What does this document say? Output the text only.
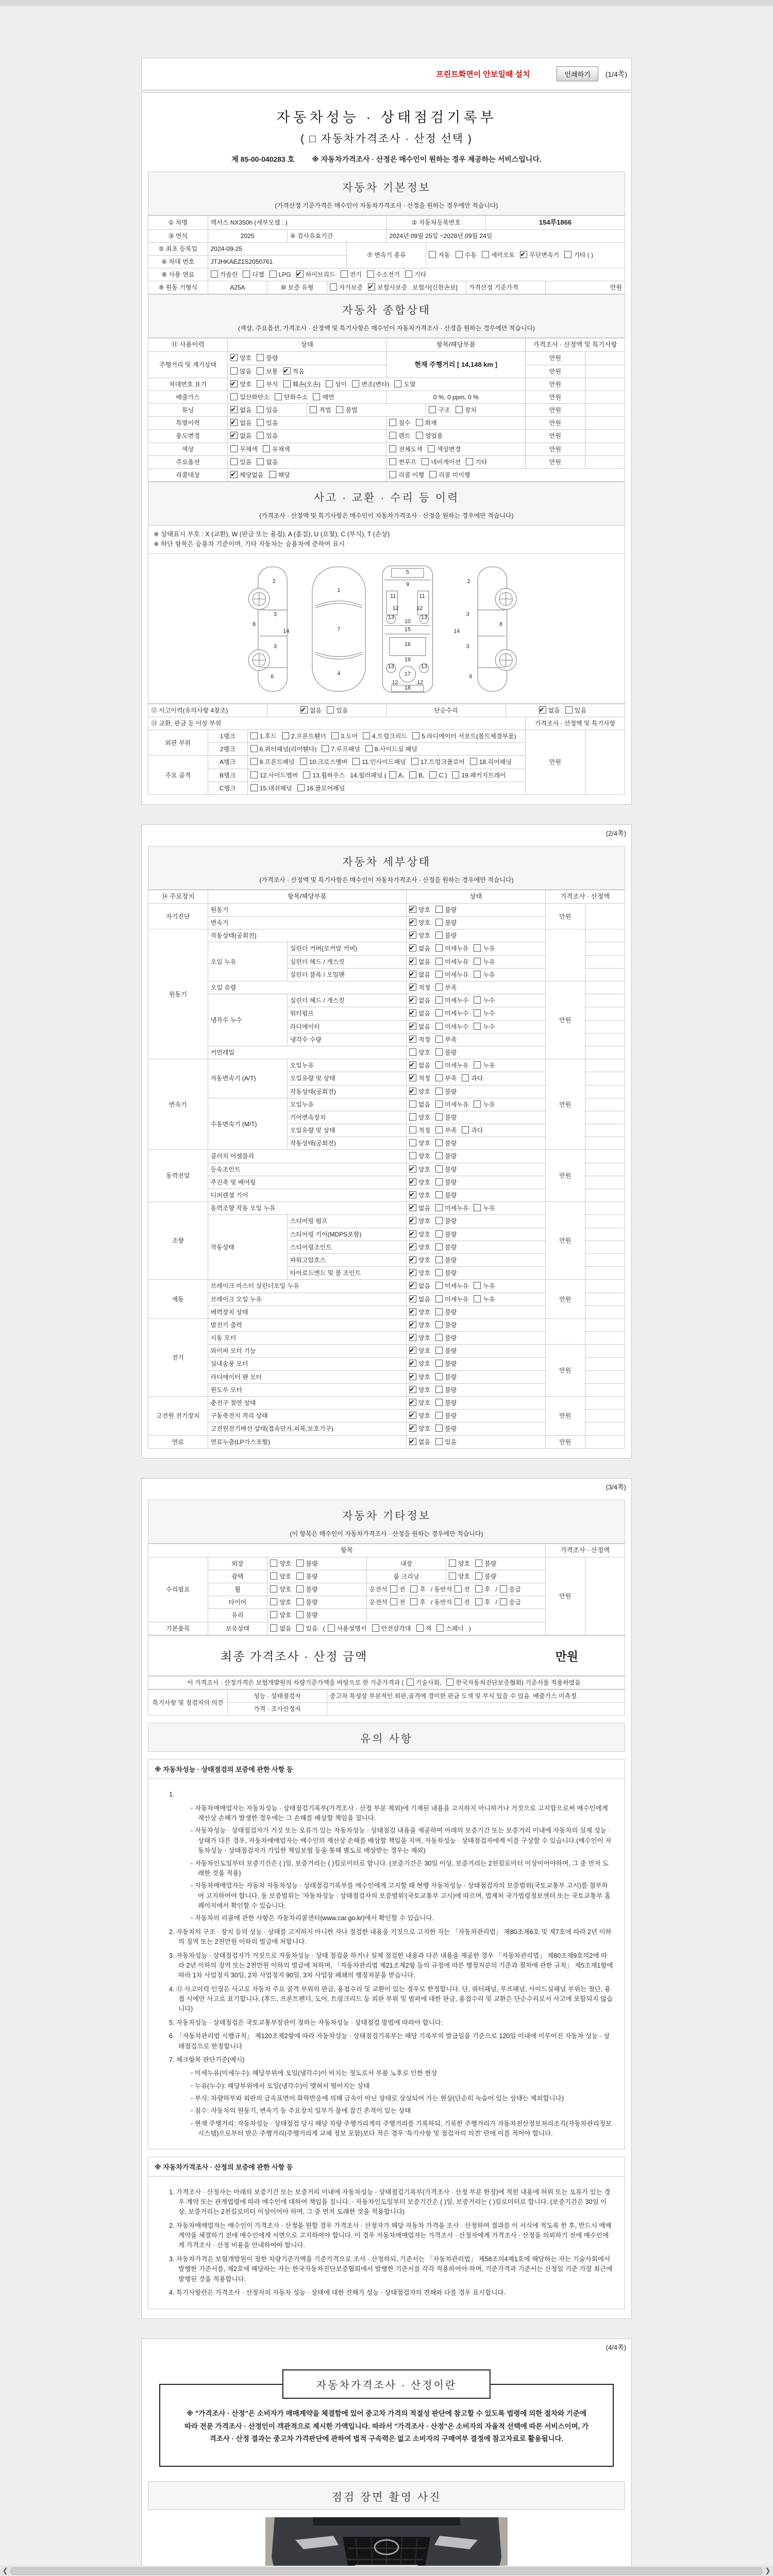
프린트화면이 안보일때 설치	인쇄하기	(1/4쪽)
자동차성능 · 상태점검기록부
( □ 자동차가격조사 · 산정 선택 )
제 85-00-040283 호 ※ 자동차가격조사 · 산정은 매수인이 원하는 경우 제공하는 서비스입니다.
자동차 기본정보
(가격산정 기준가격은 매수인이 자동차가격조사 · 산정을 원하는 경우에만 적습니다)
① 차명	렉서스 NX350h (세부모델 : )					② 자동차등록번호			154루1866	
③ 연식	2025		④ 검사유효기간			2024년 09월 25일 ~2028년 09월 24일				
⑤ 최초 등록일	2024-09-25				⑦ 변속기 종류		자동 수동 세미오토 ✔ 무단변속기 기타 ( )
⑥ 차대 번호	JTJHKAEZ1S2050761									
⑧ 사용 연료	가솔린 디젤 LPG ✔ 하이브리드 전기 수소전기 기타
⑨ 원동 기형식	A25A	⑩ 보증 유형		자가보증 ✔ 보험사보증 보험사[신한손보]				가격산정 기준가격		만원
자동차 종합상태
(색상, 주요옵션, 가격조사 · 산정액 및 특기사항은 매수인이 자동차가격조사 · 산정을 원하는 경우에만 적습니다)
⑪ 사용이력	상태		항목/해당부품		가격조사 · 산정액 및 특기사항	
주행거리 및 계기상태	✔양호 불량		현재 주행거리 [ 14,148 km ]		만원	
	많음 보통 ✔ 적음				만원	
차대번호 표기	✔양호 부식 훼손(오손) 상이 변조(변타) 도말				만원	
배출가스	일산화탄소 탄화수소 매연		0 %, 0 ppm, 0 %		만원	
튜닝	✔없음 있음	적법 불법		구조 장치	만원	
특별이력	✔없음 있음		침수 화재		만원	
용도변경	✔없음 있음		렌트 영업용		만원	
색상	무채색 유채색		전체도색 색상변경		만원	
주요옵션	있음 없음		썬루프 네비게이션 기타		만원	
리콜대상	✔해당없음 해당		리콜 이행 리콜 미이행			
사고 · 교환 · 수리 등 이력
(가격조사 · 산정액 및 특기사항은 매수인이 자동차가격조사 · 산정을 원하는 경우에만 적습니다)
※ 상태표시 부호 : X (교환), W (판금 또는 용접), A (흠집), U (요철), C (부식), T (손상)
※ 하단 항목은 승용차 기준이며, 기타 자동차는 승용차에 준하여 표시
2
8
3
14
3
6
1
7
4
5
9
11	11
12	12
13	13
10
15
16
19
13	13
17
12	12
18
2
8
3
14
3
6
⑫ 사고이력(유의사항 4참조)	✔없음 있음	단순수리	✔없음 있음
⑬ 교환, 판금 등 이상 부위						가격조사 · 산정액 및 특기사항	
외판 부위	1랭크	1.후드 2.프론트휀더 3.도어 4.트렁크리드 5.라디에이터 서포트(볼트체결부품)				만원	
	2랭크	6.쿼터패널(리어휀다) 7.루프패널 8.사이드실 패널					
주요 골격	A랭크	9.프론트패널 10.크로스멤버 11.인사이드패널 17.트렁크플로어 18.리어패널					
	B랭크	12.사이드멤버 13.휠하우스 14.필러패널 ( A, B, C ) 19.패키지트레이					
	C랭크	15.대쉬패널 16.플로어패널					
(2/4쪽)
자동차 세부상태
(가격조사 · 산정액 및 특기사항은 매수인이 자동차가격조사 · 산정을 원하는 경우에만 적습니다)
⑭ 주요장치	항목/해당부품		상태	가격조사 · 산정액	
자기진단	원동기	✔양호 불량	만원	
	변속기	✔양호 불량
원동기	작동상태(공회전)	✔양호 불량		
	오일 누유	실린더 커버(로커암 커버)	✔없음 미세누유 누유	
		실린더 헤드 / 개스킷	✔없음 미세누유 누유	
		실린더 블록 / 오일팬	✔없음 미세누유 누유	
	오일 유량	✔적정 부족	만원	
	냉각수 누수	실린더 헤드 / 개스킷	✔없음 미세누수 누수	
		워터펌프	✔없음 미세누수 누수	
		라디에이터	✔없음 미세누수 누수	
		냉각수 수량	✔적정 부족	
	커먼레일		양호 불량		
변속기	자동변속기 (A/T)	오일누유	✔없음 미세누유 누유	만원	
		오일유량 및 상태	✔적정 부족 과다	
		작동상태(공회전)	✔양호 불량	
	수동변속기 (M/T)	오일누유	없음 미세누유 누유		
		기어변속장치	양호 불량		
		오일유량 및 상태	적정 부족 과다		
		작동상태(공회전)	양호 불량		
동력전달	클러치 어셈블리		양호 불량	만원	
	등속조인트	✔양호 불량	
	추진축 및 베어링	✔양호 불량	
	디퍼렌셜 기어	✔양호 불량	
조향	동력조향 작동 오일 누유	✔없음 미세누유 누유	만원	
	작동상태	스티어링 펌프	✔양호 불량	
		스티어링 기어(MDPS포함)	✔양호 불량	
		스티어링조인트	✔양호 불량	
		파워고압호스	✔양호 불량	
		타이로드엔드 및 볼 조인트	✔양호 불량	
제동	브레이크 마스터 실린더오일 누유	✔없음 미세누유 누유	만원	
	브레이크 오일 누유	✔없음 미세누유 누유	
	배력장치 상태	✔양호 불량	
전기	발전기 출력	✔양호 불량		
	시동 모터	✔양호 불량	
	와이퍼 모터 기능	✔양호 불량	만원	
	실내송풍 모터	✔양호 불량	
	라디에이터 팬 모터	✔양호 불량	
	윈도우 모터	✔양호 불량	
고전원 전기장치	충전구 절연 상태	✔양호 불량	만원	
	구동축전지 격리 상태	✔양호 불량	
	고전원전기배선 상태(접속단자,피복,보호기구)	✔양호 불량	
연료	연료누출(LP가스포함)	✔없음 있음	만원	
(3/4쪽)
자동차 기타정보
(이 항목은 매수인이 자동차가격조사 · 산정을 원하는 경우에만 적습니다)
항목					가격조사 · 산정액	
수리필요	외장	양호 불량	내장	양호 불량	만원	
	광택	양호 불량	룸 크리닝	양호 불량		
	휠	양호 불량	운전석 전 후 / 동반석 전 후 / 응급			
	타이어	양호 불량	운전석 전 후 / 동반석 전 후 / 응급			
	유리	양호 불량				
기본품목	보유상태	없음 있음 ( 사용설명서 안전삼각대 잭 스패너 )				
최종 가격조사 · 산정 금액	만원
이 가격조사 · 산정가격은 보험개발원의 차량기준가액을 바탕으로 한 기준가격과 ( 기술사회, 한국자동차진단보증협회) 기준서를 적용하였음
특기사항 및 점검자의 의견	성능 · 상태점검자	중고차 특성상 부분적인 외판,골격에 경미한 판금 도색 및 부식 있을 수 있음. 배출가스 미측정.
	가격 · 조사산정자	
유의 사항
※ 자동차성능 · 상태점검의 보증에 관한 사항 등
1.
◦ 자동차매매업자는 자동차성능 · 상태점검기록부(가격조사 · 산정 부분 제외)에 기재된 내용을 고지하지 아니하거나 거짓으로 고지함으로써 매수인에게 재산상 손해가 발생한 경우에는 그 손해를 배상할 책임을 집니다.
◦ 자동차성능 · 상태점검자가 거짓 또는 오류가 있는 자동차성능 · 상태점검 내용을 제공하여 아래의 보증기간 또는 보증거리 이내에 자동차의 실제 성능 · 상태가 다른 경우, 자동차매매업자는 매수인의 재산상 손해를 배상할 책임을 지며, 자동차성능 · 상태점검자에게 이를 구상할 수 있습니다.(매수인이 자동차성능 · 상태점검자가 가입한 책임보험 등을 통해 별도로 배상받는 경우는 제외)
◦ 자동차인도일부터 보증기간은 ( )일, 보증거리는 ( )킬로미터로 합니다. (보증기간은 30일 이상, 보증거리는 2천킬로미터 이상이어야하며, 그 중 먼저 도래한 것을 적용)
◦ 자동차매매업자는 자동차 자동차성능 · 상태점검기록부를 매수인에게 고지할 때 현행 자동차성능 · 상태점검자의 보증범위(국토교통부 고시)를 첨부하여 고지하여야 합니다. 동 보증범위는 '자동차성능 · 상태점검자의 보증범위'(국토교통부 고시)에 따르며, 법제처 국가법령정보센터 또는 국토교통부 홈페이지에서 확인할 수 있습니다.
◦ 자동차의 리콜에 관한 사항은 자동차리콜센터(www.car.go.kr)에서 확인할 수 있습니다.
2. 자동차의 구조 · 장치 등의 성능 · 상태를 고지하지 아니한 자나 점검한 내용을 거짓으로 고지한 자는 「자동차관리법」 제80조제6호 및 제7호에 따라 2년 이하의 징역 또는 2천만원 이하의 벌금에 처합니다.
3. 자동차성능 · 상태점검자가 거짓으로 자동차성능 · 상태 점검을 하거나 실제 점검한 내용과 다른 내용을 제공한 경우 「자동차관리법」 제80조제9호의2에 따라 2년 이하의 징역 또는 2천만원 이하의 벌금에 처하며, 「자동차관리법 제21조제2항 등의 규정에 따른 행정처분의 기준과 절차에 관한 규칙」 제5조제1항에 따라 1차 사업정지 30일, 2차 사업정지 90일, 3차 사업장 폐쇄의 행정처분을 받습니다.
4. ⑫ 사고이력 인정은 사고로 자동차 주요 골격 부위의 판금, 용접수리 및 교환이 있는 경우로 한정합니다. 단, 쿼터패널, 루프패널, 사이드실패널 부위는 절단, 용접 시에만 사고로 표기합니다. (후드, 프론트펜더, 도어, 트렁크리드 등 외판 부위 및 범퍼에 대한 판금, 용접수리 및 교환은 단순수리로서 사고에 포함되지 않습니다)
5. 자동차성능 · 상태점검은 국토교통부장관이 정하는 자동차성능 · 상태점검 방법에 따라야 합니다.
6. 「자동차관리법 시행규칙」 제120조제2항에 따라 자동차성능 · 상태점검기록부는 해당 기록부의 발급일을 기준으로 120일 이내에 이루어진 자동차 성능 · 상태점검으로 한정합니다
7. 체크항목 판단기준(예시)
◦ 미세누유(미세누수): 해당부위에 오일(냉각수)이 비치는 정도로서 부품 노후로 인한 현상
◦ 누유(누수): 해당부위에서 오일(냉각수)이 맺혀서 떨어지는 상태
◦ 부식: 차량하부와 외판의 금속표면이 화학반응에 의해 금속이 아닌 상태로 상실되어 가는 현상(단순히 녹슬어 있는 상태는 제외합니다)
◦ 침수: 자동차의 원동기, 변속기 등 주요장치 일부가 물에 잠긴 흔적이 있는 상태
◦ 현재 주행거리: 자동차성능 · 상태점검 당시 해당 차량 주행거리계의 주행거리를 기록하되, 기록한 주행거리가 자동차전산정보처리조직(자동차관리정보시스템)으로부터 받은 주행거리(주행거리계 교체 정보 포함)보다 적은 경우 '특기사항 및 점검자의 의견' 란에 이를 적어야 합니다.
※ 자동차가격조사 · 산정의 보증에 관한 사항 등
1. 가격조사 · 산정자는 아래의 보증기간 또는 보증거리 이내에 자동차성능 · 상태점검기록부(가격조사 · 산정 부분 한정)에 적힌 내용에 허위 또는 오류가 있는 경우 계약 또는 관계법령에 따라 매수인에 대하여 책임을 집니다. · 자동차인도일부터 보증기간은 ( )일, 보증거리는 ( )킬로미터로 합니다. (보증기간은 30일 이상, 보증거리는 2천킬로미터 이상이어야 하며, 그 중 먼저 도래한 것을 적용합니다)
2. 자동차매매업자는 매수인이 가격조사 · 산정을 원할 경우 가격조사 · 산정자가 해당 자동차 가격을 조사 · 산정하여 결과를 이 서식에 적도록 한 후, 반드시 매매계약을 체결하기 전에 매수인에게 서면으로 고지하여야 합니다. 이 경우 자동차매매업자는 가격조사 · 산정자에게 가격조사 · 산정을 의뢰하기 전에 매수인에게 가격조사 · 산정 비용을 안내하여야 합니다.
3. 자동차가격은 보험개발원이 정한 차량기준가액을 기준가격으로 조사 · 산정하되, 기준서는 「자동차관리법」 제58조의4제1호에 해당하는 자는 기술사회에서 발행한 기준서를, 제2호에 해당하는 자는 한국자동차진단보증협회에서 발행한 기준서를 각각 적용하여야 하며, 기준가격과 기준서는 산정일 기준 가장 최근에 발행된 것을 적용합니다.
4. 특기사항란은 가격조사 · 산정자의 자동차 성능 · 상태에 대한 견해가 성능 · 상태점검자의 견해와 다를 경우 표시합니다.
(4/4쪽)
자동차가격조사 · 산정이란
※ "가격조사 · 산정"은 소비자가 매매계약을 체결함에 있어 중고차 가격의 적절성 판단에 참고할 수 있도록 법령에 의한 절차와 기준에 따라 전문 가격조사 · 산정인이 객관적으로 제시한 가액입니다. 따라서 "가격조사 · 산정"은 소비자의 자율적 선택에 따른 서비스이며, 가격조사 · 산정 결과는 중고차 가격판단에 관하여 법적 구속력은 없고 소비자의 구매여부 결정에 참고자료로 활용됩니다.
점검 장면 촬영 사진
❮	❯
